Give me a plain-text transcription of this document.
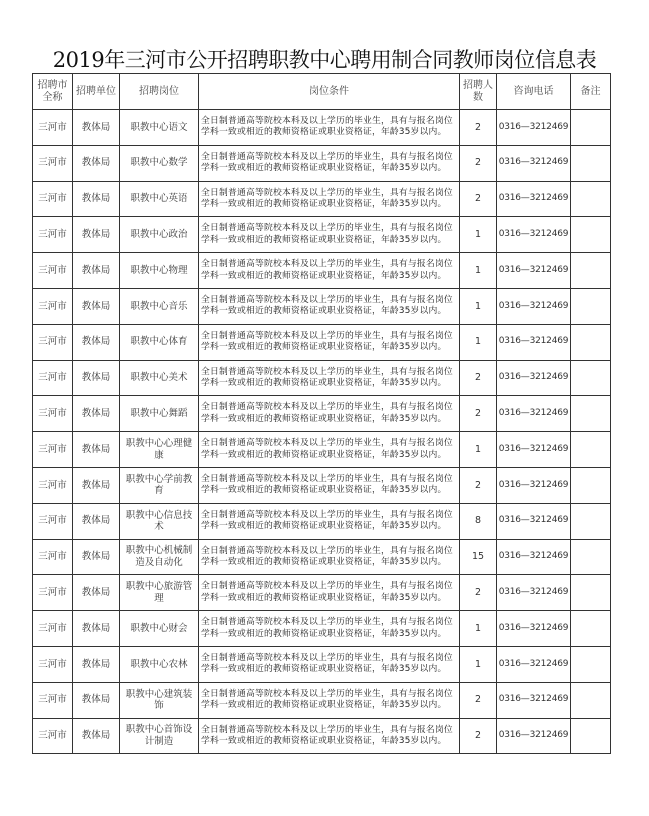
2019年三河市公开招聘职教中心聘用制合同教师岗位信息表
招聘市全称	招聘单位	招聘岗位	岗位条件	招聘人数	咨询电话	备注
三河市	教体局	职教中心语文	全日制普通高等院校本科及以上学历的毕业生，具有与报名岗位学科一致或相近的教师资格证或职业资格证，年龄35岁以内。	2	0316—3212469	
三河市	教体局	职教中心数学	全日制普通高等院校本科及以上学历的毕业生，具有与报名岗位学科一致或相近的教师资格证或职业资格证，年龄35岁以内。	2	0316—3212469	
三河市	教体局	职教中心英语	全日制普通高等院校本科及以上学历的毕业生，具有与报名岗位学科一致或相近的教师资格证或职业资格证，年龄35岁以内。	2	0316—3212469	
三河市	教体局	职教中心政治	全日制普通高等院校本科及以上学历的毕业生，具有与报名岗位学科一致或相近的教师资格证或职业资格证，年龄35岁以内。	1	0316—3212469	
三河市	教体局	职教中心物理	全日制普通高等院校本科及以上学历的毕业生，具有与报名岗位学科一致或相近的教师资格证或职业资格证，年龄35岁以内。	1	0316—3212469	
三河市	教体局	职教中心音乐	全日制普通高等院校本科及以上学历的毕业生，具有与报名岗位学科一致或相近的教师资格证或职业资格证，年龄35岁以内。	1	0316—3212469	
三河市	教体局	职教中心体育	全日制普通高等院校本科及以上学历的毕业生，具有与报名岗位学科一致或相近的教师资格证或职业资格证，年龄35岁以内。	1	0316—3212469	
三河市	教体局	职教中心美术	全日制普通高等院校本科及以上学历的毕业生，具有与报名岗位学科一致或相近的教师资格证或职业资格证，年龄35岁以内。	2	0316—3212469	
三河市	教体局	职教中心舞蹈	全日制普通高等院校本科及以上学历的毕业生，具有与报名岗位学科一致或相近的教师资格证或职业资格证，年龄35岁以内。	2	0316—3212469	
三河市	教体局	职教中心心理健康	全日制普通高等院校本科及以上学历的毕业生，具有与报名岗位学科一致或相近的教师资格证或职业资格证，年龄35岁以内。	1	0316—3212469	
三河市	教体局	职教中心学前教育	全日制普通高等院校本科及以上学历的毕业生，具有与报名岗位学科一致或相近的教师资格证或职业资格证，年龄35岁以内。	2	0316—3212469	
三河市	教体局	职教中心信息技术	全日制普通高等院校本科及以上学历的毕业生，具有与报名岗位学科一致或相近的教师资格证或职业资格证，年龄35岁以内。	8	0316—3212469	
三河市	教体局	职教中心机械制造及自动化	全日制普通高等院校本科及以上学历的毕业生，具有与报名岗位学科一致或相近的教师资格证或职业资格证，年龄35岁以内。	15	0316—3212469	
三河市	教体局	职教中心旅游管理	全日制普通高等院校本科及以上学历的毕业生，具有与报名岗位学科一致或相近的教师资格证或职业资格证，年龄35岁以内。	2	0316—3212469	
三河市	教体局	职教中心财会	全日制普通高等院校本科及以上学历的毕业生，具有与报名岗位学科一致或相近的教师资格证或职业资格证，年龄35岁以内。	1	0316—3212469	
三河市	教体局	职教中心农林	全日制普通高等院校本科及以上学历的毕业生，具有与报名岗位学科一致或相近的教师资格证或职业资格证，年龄35岁以内。	1	0316—3212469	
三河市	教体局	职教中心建筑装饰	全日制普通高等院校本科及以上学历的毕业生，具有与报名岗位学科一致或相近的教师资格证或职业资格证，年龄35岁以内。	2	0316—3212469	
三河市	教体局	职教中心首饰设计制造	全日制普通高等院校本科及以上学历的毕业生，具有与报名岗位学科一致或相近的教师资格证或职业资格证，年龄35岁以内。	2	0316—3212469	
